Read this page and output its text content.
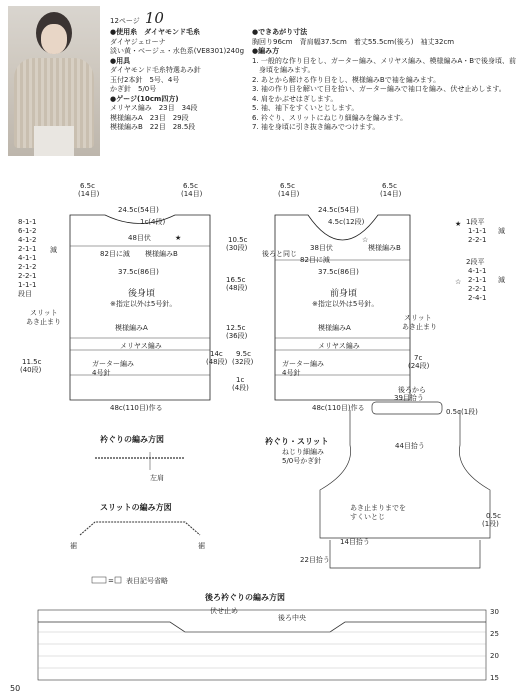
12ページ 10
●使用糸　ダイヤモンド毛糸
ダイヤジェローナ
淡い黄・ベージュ・水色系(VE8301)240g
●用具
ダイヤモンド毛糸特選あみ針
玉付2本針　5号、4号
かぎ針　5/0号
●ゲージ(10cm四方)
メリヤス編み　23目　34段
模様編みA　23目　29段
模様編みB　22目　28.5段
●できあがり寸法
胸回り96cm　背肩幅37.5cm　着丈55.5cm(後ろ)　袖丈32cm
●編み方
1. 一般的な作り目をし、ガーター編み、メリヤス編み、模様編みA・Bで後身頃、前
　身頃を編みます。
2. あとから解ける作り目をし、模様編みBで袖を編みます。
3. 袖の作り目を解いて目を拾い、ガーター編みで袖口を編み、伏せ止めします。
4. 肩をかぶせはぎします。
5. 袖、袖下をすくいとじします。
6. 衿ぐり、スリットにねじり細編みを編みます。
7. 袖を身頃に引き抜き編みでつけます。
6.5c
(14目)
6.5c
(14目)
24.5c(54目)
1c(4段)
48目伏	★
82目に減 模様編みB
37.5c(86目)
後身頃
※指定以外は5号針。
模様編みA
メリヤス編み
ガーター編み
4号針
48c(110目)作る
8-1-1
6-1-2
4-1-2
2-1-1
4-1-1
2-1-2
2-2-1
1-1-1
段目
減
スリット
あき止まり
11.5c
(40段)
10.5c
(30段)
16.5c
(48段)
12.5c
(36段)
14c
(48段)
1c
(4段)
9.5c
(32段)
6.5c
(14目)
6.5c
(14目)
24.5c(54目)
4.5c(12段)
38目伏
☆
82目に減
模様編みB
37.5c(86目)
前身頃
※指定以外は5号針。
模様編みA
メリヤス編み
ガーター編み
4号針
48c(110目)作る
7c
(24段)
スリット
あき止まり
後ろと同じ
★ 1段平
1-1-1
2-2-1
減
☆
2段平
4-1-1
2-1-1
2-2-1
2-4-1
減
衿ぐりの編み方図
左肩
スリットの編み方図
裾	裾
= 表目記号省略
衿ぐり・スリット
ねじり細編み
5/0号かぎ針
後ろから
39目拾う
0.5c(1段)
44目拾う
あき止まりまでを
すくいとじ	0.5c
(1段)
14目拾う
22目拾う
後ろ衿ぐりの編み方図
伏せ止め
後ろ中央
30
25
20
15
50
